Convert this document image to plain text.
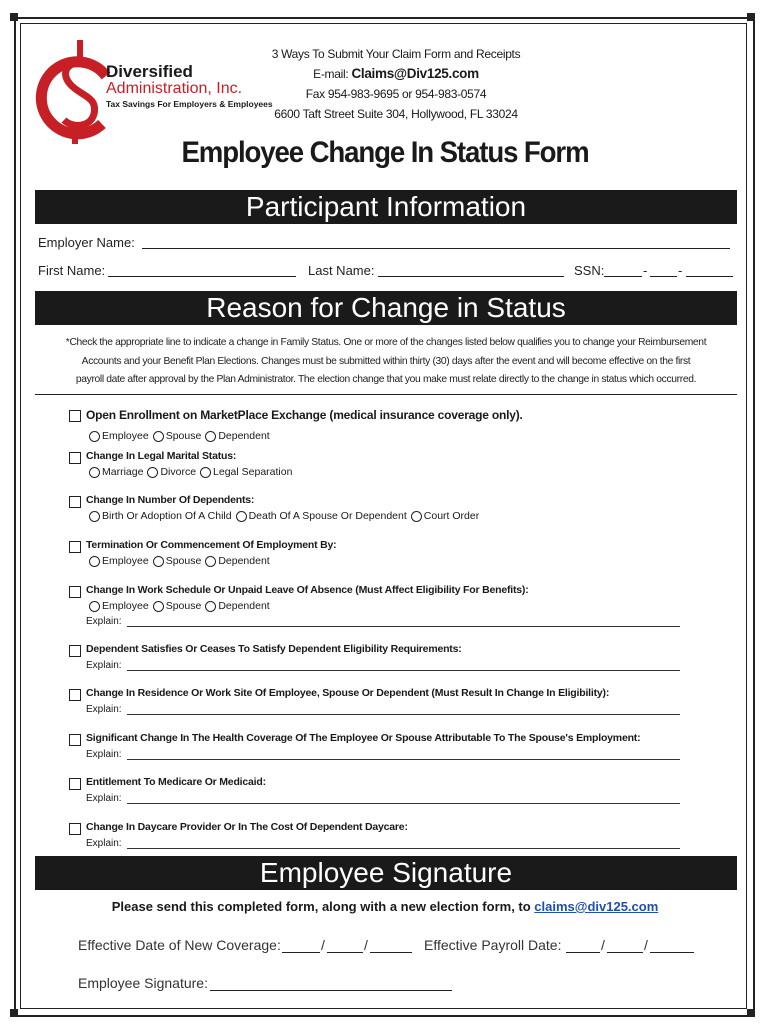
Diversified
Administration, Inc.
Tax Savings For Employers & Employees
3 Ways To Submit Your Claim Form and Receipts
E-mail: Claims@Div125.com
Fax 954-983-9695 or 954-983-0574
6600 Taft Street Suite 304, Hollywood, FL 33024
Employee Change In Status Form
Participant Information
Employer Name:
First Name:	Last Name:	SSN:	- -
Reason for Change in Status
*Check the appropriate line to indicate a change in Family Status. One or more of the changes listed below qualifies you to change your Reimbursement
Accounts and your Benefit Plan Elections. Changes must be submitted within thirty (30) days after the event and will become effective on the first
payroll date after approval by the Plan Administrator. The election change that you make must relate directly to the change in status which occurred.
Open Enrollment on MarketPlace Exchange (medical insurance coverage only).
Employee Spouse Dependent
Change In Legal Marital Status:
Marriage Divorce Legal Separation
Change In Number Of Dependents:
Birth Or Adoption Of A Child Death Of A Spouse Or Dependent Court Order
Termination Or Commencement Of Employment By:
Employee Spouse Dependent
Change In Work Schedule Or Unpaid Leave Of Absence (Must Affect Eligibility For Benefits):
Employee Spouse Dependent
Explain:
Dependent Satisfies Or Ceases To Satisfy Dependent Eligibility Requirements:
Explain:
Change In Residence Or Work Site Of Employee, Spouse Or Dependent (Must Result In Change In Eligibility):
Explain:
Significant Change In The Health Coverage Of The Employee Or Spouse Attributable To The Spouse's Employment:
Explain:
Entitlement To Medicare Or Medicaid:
Explain:
Change In Daycare Provider Or In The Cost Of Dependent Daycare:
Explain:
Employee Signature
Please send this completed form, along with a new election form, to claims@div125.com
Effective Date of New Coverage:	/	/	Effective Payroll Date:	/	/
Employee Signature:
